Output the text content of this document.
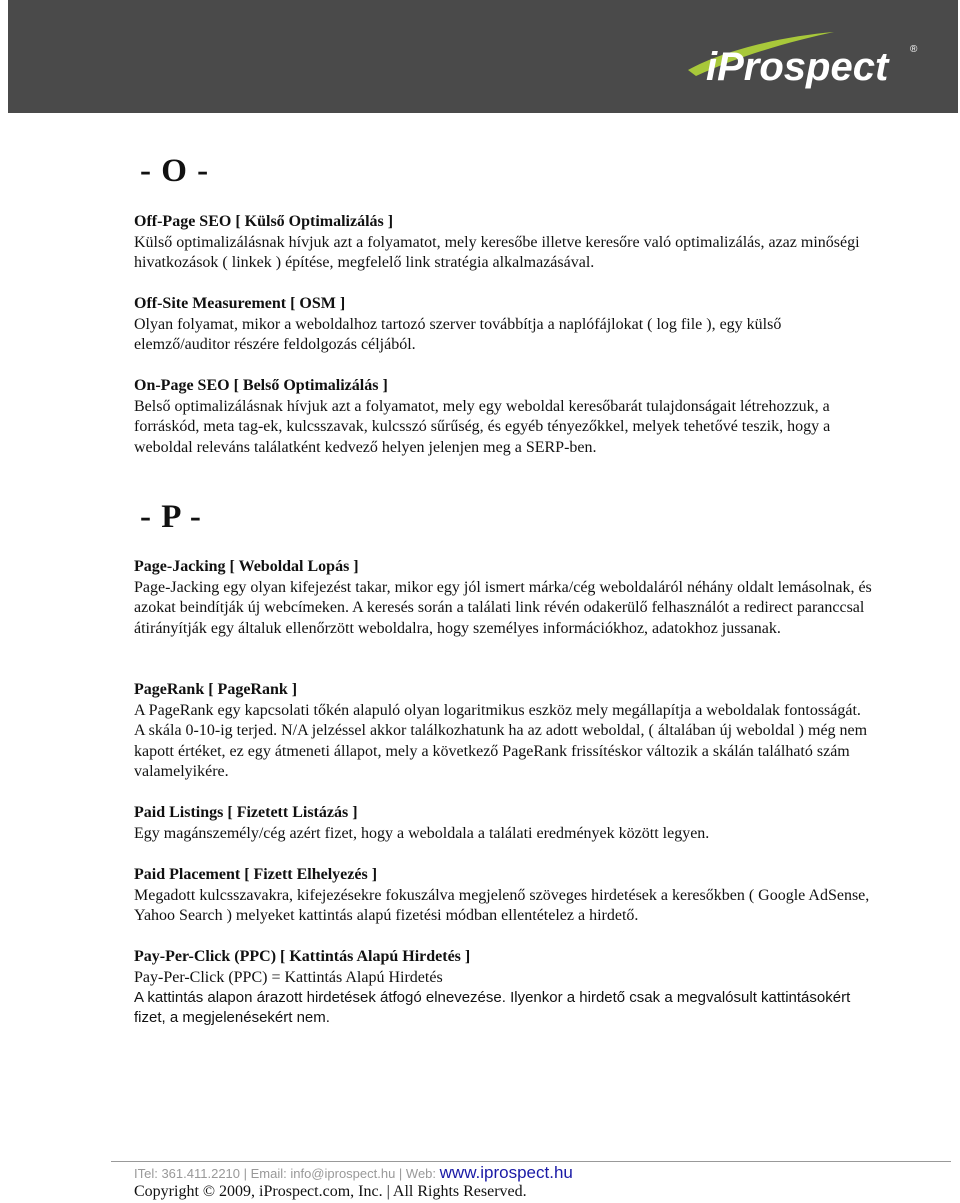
iProspect ®
- O -
Off-Page SEO [ Külső Optimalizálás ]

Külső optimalizálásnak hívjuk azt a folyamatot, mely keresőbe illetve keresőre való optimalizálás, azaz minőségi hivatkozások ( linkek ) építése, megfelelő link stratégia alkalmazásával.

Off-Site Measurement [ OSM ]

Olyan folyamat, mikor a weboldalhoz tartozó szerver továbbítja a naplófájlokat ( log file ), egy külső elemző/auditor részére feldolgozás céljából.

On-Page SEO [ Belső Optimalizálás ]

Belső optimalizálásnak hívjuk azt a folyamatot, mely egy weboldal keresőbarát tulajdonságait létrehozzuk, a forráskód, meta tag-ek, kulcsszavak, kulcsszó sűrűség, és egyéb tényezőkkel, melyek tehetővé teszik, hogy a weboldal releváns találatként kedvező helyen jelenjen meg a SERP-ben.

- P -
Page-Jacking [ Weboldal Lopás ]

Page-Jacking egy olyan kifejezést takar, mikor egy jól ismert márka/cég weboldaláról néhány oldalt lemásolnak, és azokat beindítják új webcímeken. A keresés során a találati link révén odakerülő felhasználót a redirect paranccsal átirányítják egy általuk ellenőrzött weboldalra, hogy személyes információkhoz, adatokhoz jussanak.

PageRank [ PageRank ]

A PageRank egy kapcsolati tőkén alapuló olyan logaritmikus eszköz mely megállapítja a weboldalak fontosságát. A skála 0-10-ig terjed. N/A jelzéssel akkor találkozhatunk ha az adott weboldal, ( általában új weboldal ) még nem kapott értéket, ez egy átmeneti állapot, mely a következő PageRank frissítéskor változik a skálán található szám valamelyikére.

Paid Listings [ Fizetett Listázás ]

Egy magánszemély/cég azért fizet, hogy a weboldala a találati eredmények között legyen.

Paid Placement [ Fizett Elhelyezés ]

Megadott kulcsszavakra, kifejezésekre fokuszálva megjelenő szöveges hirdetések a keresőkben ( Google AdSense, Yahoo Search ) melyeket kattintás alapú fizetési módban ellentételez a hirdető.

Pay-Per-Click (PPC) [ Kattintás Alapú Hirdetés ]

Pay-Per-Click (PPC) = Kattintás Alapú Hirdetés

A kattintás alapon árazott hirdetések átfogó elnevezése. Ilyenkor a hirdető csak a megvalósult kattintásokért fizet, a megjelenésekért nem.

ITel: 361.411.2210 | Email: info@iprospect.hu | Web: www.iprospect.hu
Copyright © 2009, iProspect.com, Inc. | All Rights Reserved.
